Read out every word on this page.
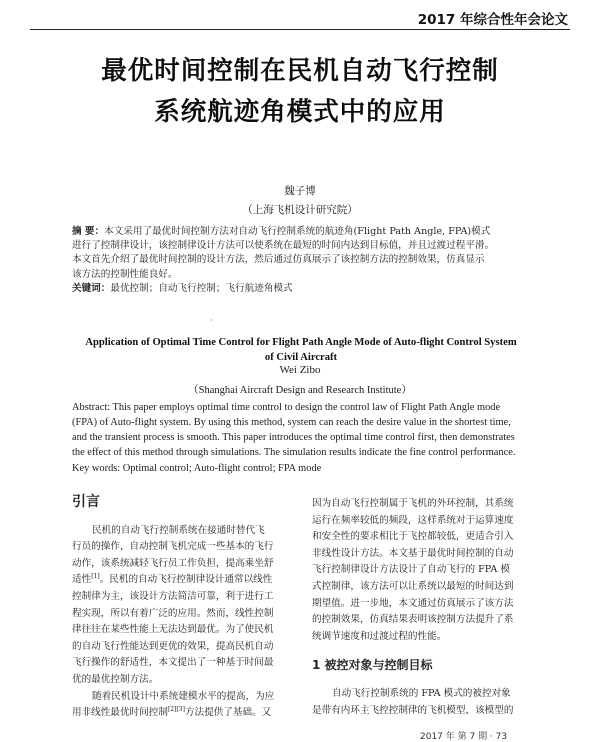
2017 年综合性年会论文
最优时间控制在民机自动飞行控制
系统航迹角模式中的应用
魏子博
（上海飞机设计研究院）

摘 要：本文采用了最优时间控制方法对自动飞行控制系统的航迹角(Flight Path Angle, FPA)模式

进行了控制律设计，该控制律设计方法可以使系统在最短的时间内达到目标值，并且过渡过程平滑。

本文首先介绍了最优时间控制的设计方法，然后通过仿真展示了该控制方法的控制效果，仿真显示

该方法的控制性能良好。

关键词：最优控制；自动飞行控制；飞行航迹角模式

·
Application of Optimal Time Control for Flight Path Angle Mode of Auto-flight Control System
of Civil Aircraft
Wei Zibo
（Shanghai Aircraft Design and Research Institute）

Abstract: This paper employs optimal time control to design the control law of Flight Path Angle mode

(FPA) of Auto-flight system. By using this method, system can reach the desire value in the shortest time,

and the transient process is smooth. This paper introduces the optimal time control first, then demonstrates

the effect of this method through simulations. The simulation results indicate the fine control performance.

Key words: Optimal control; Auto-flight control; FPA mode

引言

民机的自动飞行控制系统在接通时替代飞

行员的操作，自动控制飞机完成一些基本的飞行

动作，该系统减轻飞行员工作负担，提高乘坐舒

适性[1]。民机的自动飞行控制律设计通常以线性

控制律为主，该设计方法简洁可靠，利于进行工

程实现，所以有着广泛的应用。然而，线性控制

律往往在某些性能上无法达到最优。为了使民机

的自动飞行性能达到更优的效果，提高民机自动

飞行操作的舒适性，本文提出了一种基于时间最

优的最优控制方法。

随着民机设计中系统建模水平的提高，为应

用非线性最优时间控制[2][3]方法提供了基础。又

因为自动飞行控制属于飞机的外环控制，其系统

运行在频率较低的频段，这样系统对于运算速度

和安全性的要求相比于飞控都较低，更适合引入

非线性设计方法。本文基于最优时间控制的自动

飞行控制律设计方法设计了自动飞行的 FPA 模

式控制律，该方法可以让系统以最短的时间达到

期望值。进一步地，本文通过仿真展示了该方法

的控制效果，仿真结果表明该控制方法提升了系

统调节速度和过渡过程的性能。

1 被控对象与控制目标

自动飞行控制系统的 FPA 模式的被控对象

是带有内环主飞控控制律的飞机模型，该模型的

2017 年 第 7 期 · 73
